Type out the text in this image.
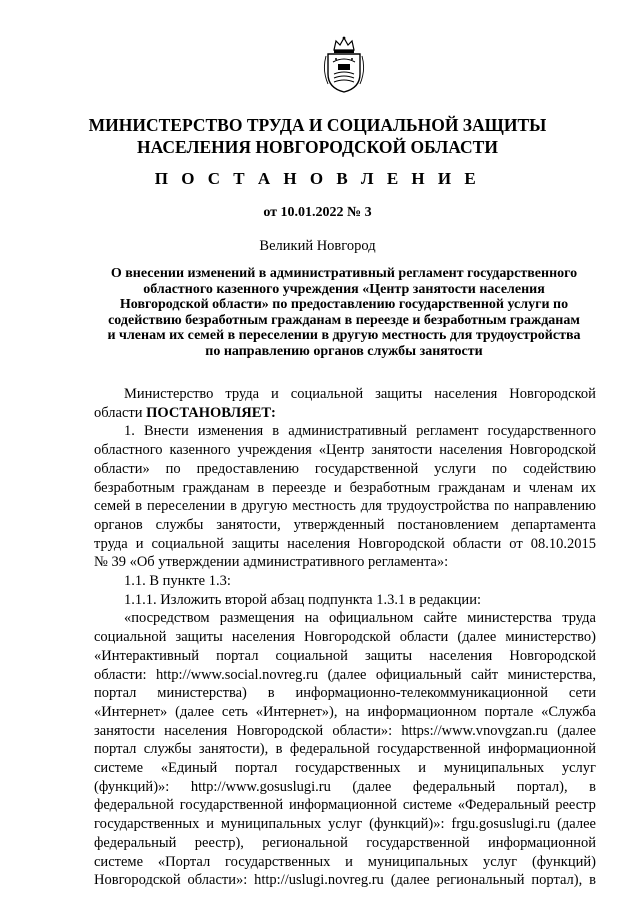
МИНИСТЕРСТВО ТРУДА И СОЦИАЛЬНОЙ ЗАЩИТЫ
НАСЕЛЕНИЯ НОВГОРОДСКОЙ ОБЛАСТИ
П О С Т А Н О В Л Е Н И Е
от 10.01.2022 № 3
Великий Новгород
О внесении изменений в административный регламент государственного
областного казенного учреждения «Центр занятости населения
Новгородской области» по предоставлению государственной услуги по
содействию безработным гражданам в переезде и безработным гражданам
и членам их семей в переселении в другую местность для трудоустройства
по направлению органов службы занятости
Министерство труда и социальной защиты населения Новгородской
области ПОСТАНОВЛЯЕТ:
1. Внести изменения в административный регламент государственного
областного казенного учреждения «Центр занятости населения Новгородской
области» по предоставлению государственной услуги по содействию
безработным гражданам в переезде и безработным гражданам и членам их
семей в переселении в другую местность для трудоустройства по направлению
органов службы занятости, утвержденный постановлением департамента
труда и социальной защиты населения Новгородской области от 08.10.2015
№ 39 «Об утверждении административного регламента»:
1.1. В пункте 1.3:
1.1.1. Изложить второй абзац подпункта 1.3.1 в редакции:
«посредством размещения на официальном сайте министерства труда
социальной защиты населения Новгородской области (далее министерство)
«Интерактивный портал социальной защиты населения Новгородской
области: http://www.social.novreg.ru (далее официальный сайт министерства,
портал министерства) в информационно-телекоммуникационной сети
«Интернет» (далее сеть «Интернет»), на информационном портале «Служба
занятости населения Новгородской области»: https://www.vnovgzan.ru (далее
портал службы занятости), в федеральной государственной информационной
системе «Единый портал государственных и муниципальных услуг
(функций)»: http://www.gosuslugi.ru (далее федеральный портал), в
федеральной государственной информационной системе «Федеральный реестр
государственных и муниципальных услуг (функций)»: frgu.gosuslugi.ru (далее
федеральный реестр), региональной государственной информационной
системе «Портал государственных и муниципальных услуг (функций)
Новгородской области»: http://uslugi.novreg.ru (далее региональный портал), в
